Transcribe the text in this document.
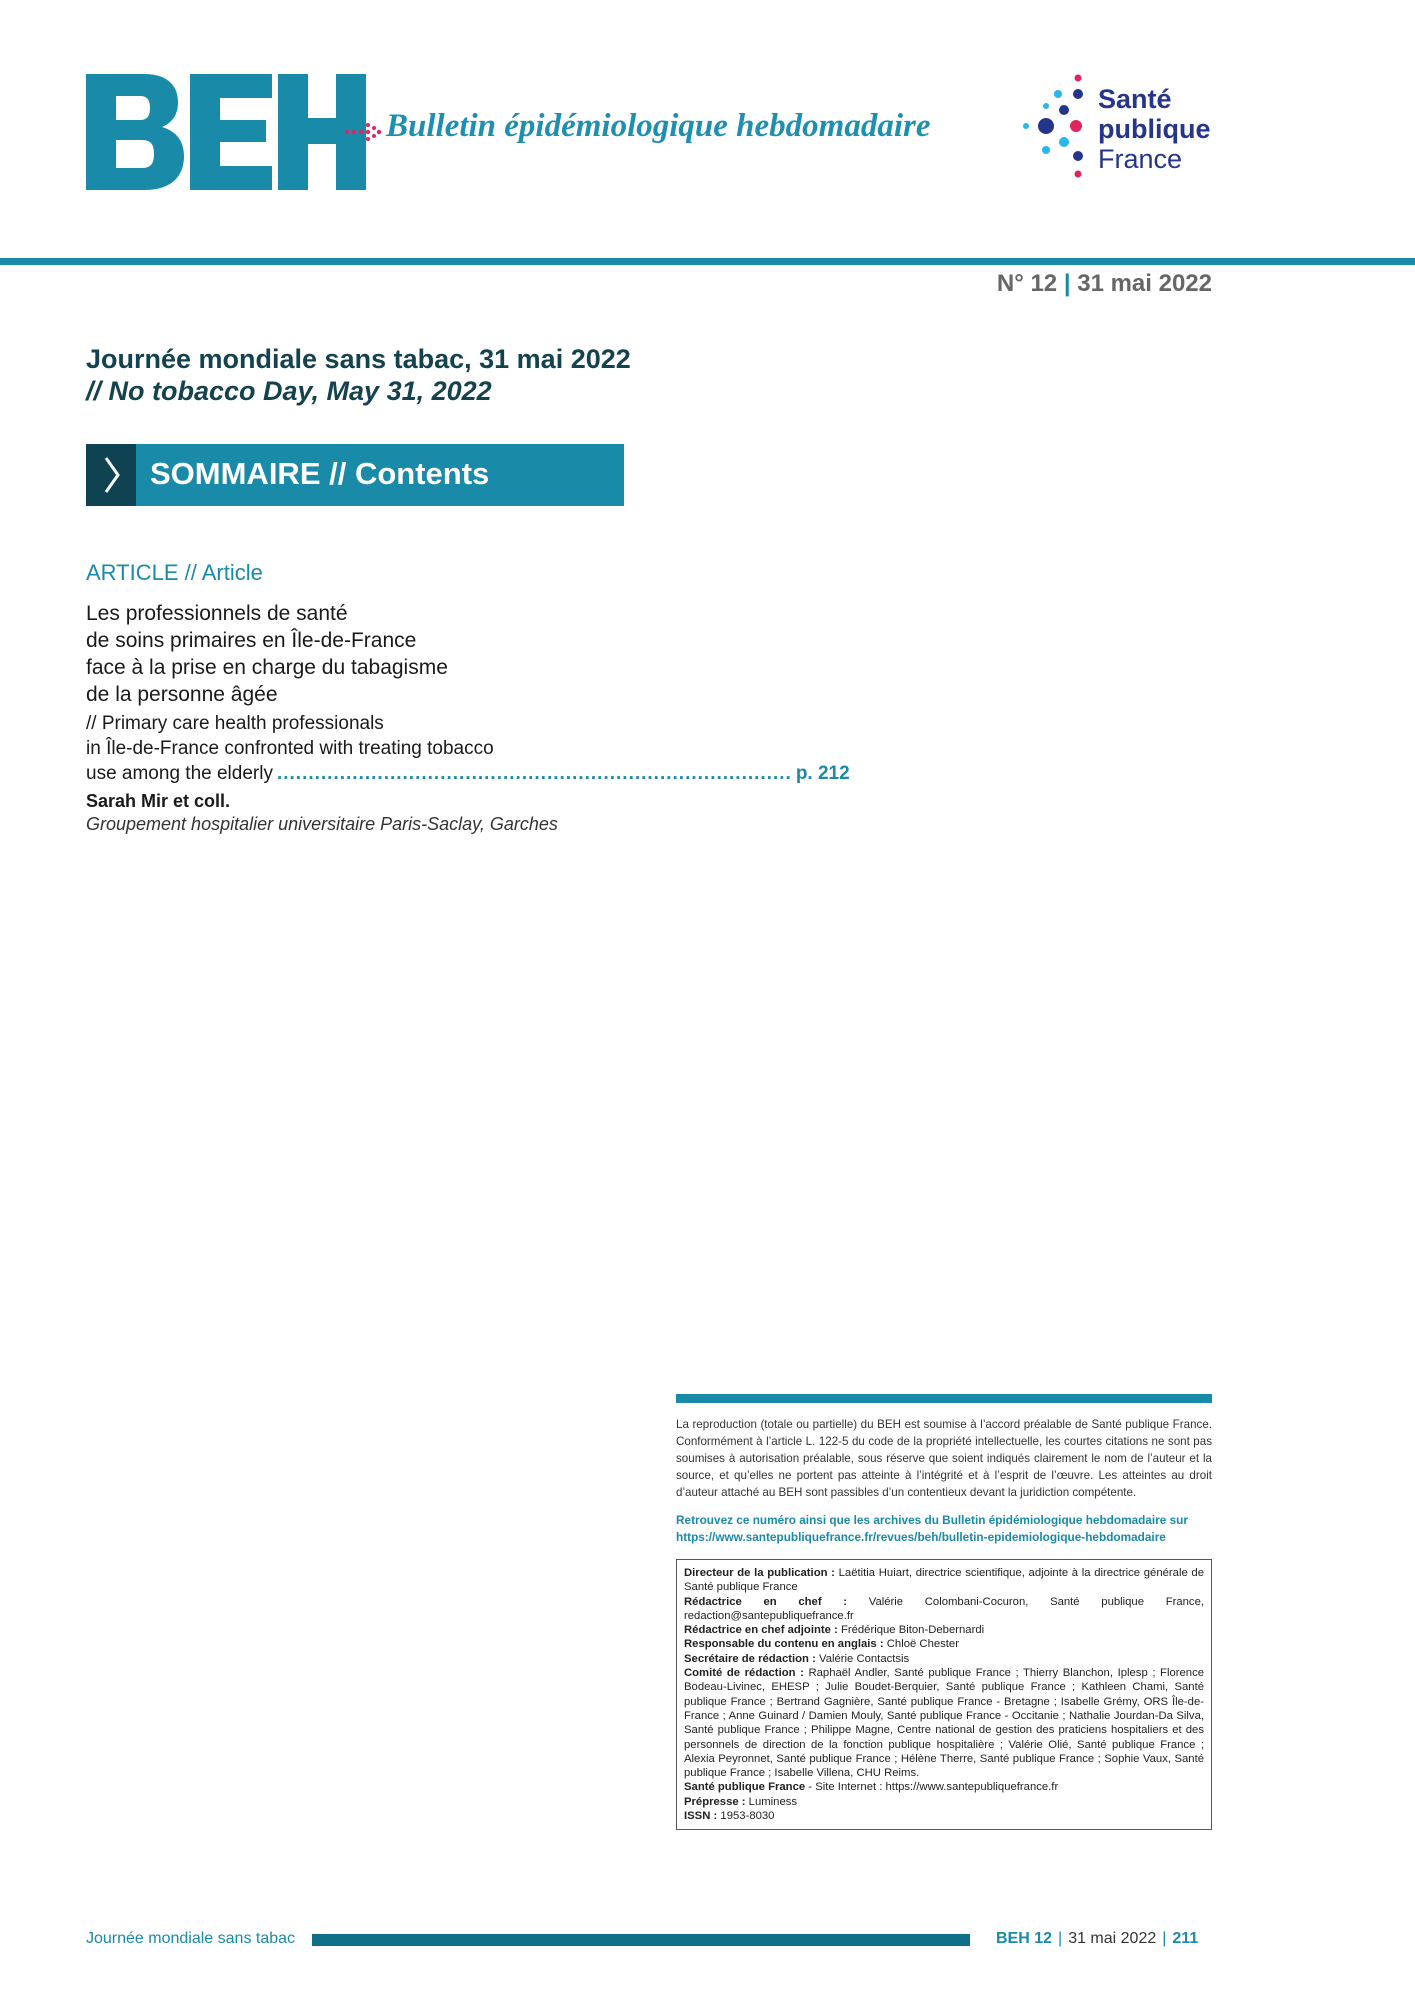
Bulletin épidémiologique hebdomadaire
Santé
publique
France
N° 12 | 31 mai 2022
Journée mondiale sans tabac, 31 mai 2022
// No tobacco Day, May 31, 2022
SOMMAIRE // Contents
ARTICLE // Article
Les professionnels de santé
de soins primaires en Île-de-France
face à la prise en charge du tabagisme
de la personne âgée
// Primary care health professionals
in Île-de-France confronted with treating tobacco
use among the elderly .................................................................................. p. 212
Sarah Mir et coll.
Groupement hospitalier universitaire Paris-Saclay, Garches
La reproduction (totale ou partielle) du BEH est soumise à l’accord préalable de Santé publique France. Conformément à l’article L. 122-5 du code de la propriété intellectuelle, les courtes citations ne sont pas soumises à autorisation préalable, sous réserve que soient indiqués clairement le nom de l’auteur et la source, et qu’elles ne portent pas atteinte à l’intégrité et à l’esprit de l’œuvre. Les atteintes au droit d’auteur attaché au BEH sont passibles d’un contentieux devant la juridiction compétente.
Retrouvez ce numéro ainsi que les archives du Bulletin épidémiologique hebdomadaire sur
https://www.santepubliquefrance.fr/revues/beh/bulletin-epidemiologique-hebdomadaire
Directeur de la publication : Laëtitia Huiart, directrice scientifique, adjointe à la directrice générale de Santé publique France
Rédactrice en chef : Valérie Colombani-Cocuron, Santé publique France, redaction@santepubliquefrance.fr
Rédactrice en chef adjointe : Frédérique Biton-Debernardi
Responsable du contenu en anglais : Chloë Chester
Secrétaire de rédaction : Valérie Contactsis
Comité de rédaction : Raphaël Andler, Santé publique France ; Thierry Blanchon, Iplesp ; Florence Bodeau-Livinec, EHESP ; Julie Boudet-Berquier, Santé publique France ; Kathleen Chami, Santé publique France ; Bertrand Gagnière, Santé publique France - Bretagne ; Isabelle Grémy, ORS Île-de-France ; Anne Guinard / Damien Mouly, Santé publique France - Occitanie ; Nathalie Jourdan-Da Silva, Santé publique France ; Philippe Magne, Centre national de gestion des praticiens hospitaliers et des personnels de direction de la fonction publique hospitalière ; Valérie Olié, Santé publique France ; Alexia Peyronnet, Santé publique France ; Hélène Therre, Santé publique France ; Sophie Vaux, Santé publique France ; Isabelle Villena, CHU Reims.
Santé publique France - Site Internet : https://www.santepubliquefrance.fr
Prépresse : Luminess
ISSN : 1953-8030
Journée mondiale sans tabac	BEH 12 | 31 mai 2022 | 211
